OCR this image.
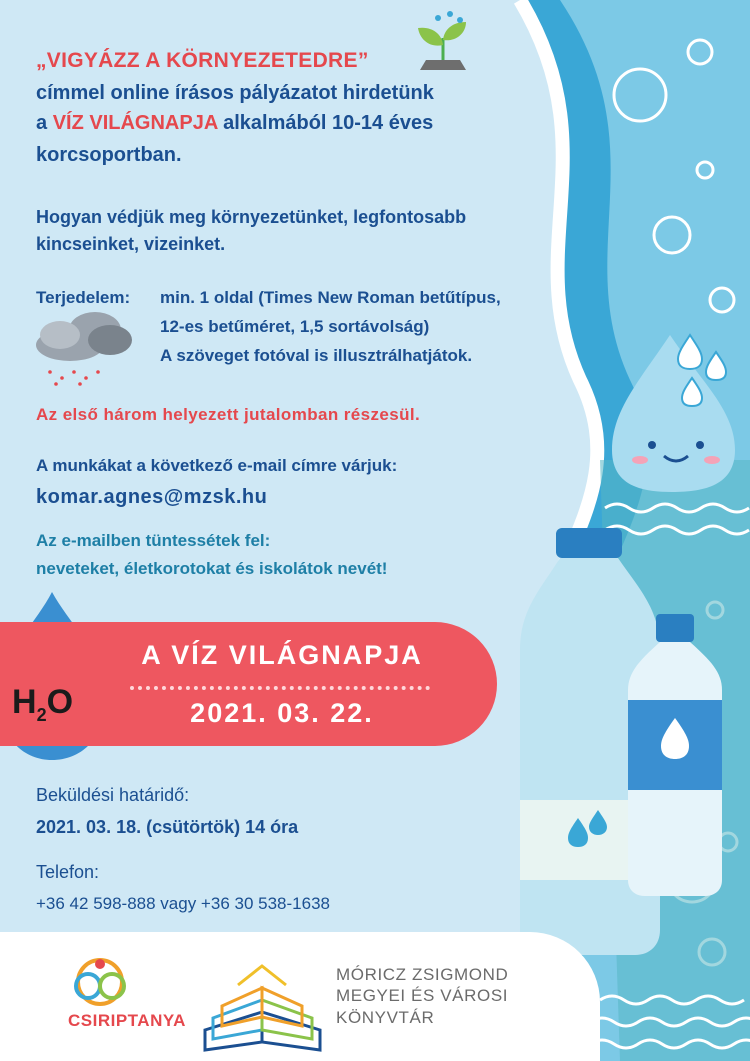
„VIGYÁZZ A KÖRNYEZETEDRE”
címmel online írásos pályázatot hirdetünk
a VÍZ VILÁGNAPJA alkalmából 10-14 éves
korcsoportban.
Hogyan védjük meg környezetünket, legfontosabb
kincseinket, vizeinket.
Terjedelem: min. 1 oldal (Times New Roman betűtípus,
12-es betűméret, 1,5 sortávolság)
A szöveget fotóval is illusztrálhatjátok.
Az első három helyezett jutalomban részesül.
A munkákat a következő e-mail címre várjuk:
komar.agnes@mzsk.hu
Az e-mailben tüntessétek fel:
neveteket, életkorotokat és iskolátok nevét!
$H_2O$
A VÍZ VILÁGNAPJA
2021. 03. 22.
Beküldési határidő:
2021. 03. 18. (csütörtök) 14 óra
Telefon:
+36 42 598-888 vagy +36 30 538-1638
CSIRIPTANYA
MÓRICZ ZSIGMOND
MEGYEI ÉS VÁROSI
KÖNYVTÁR
